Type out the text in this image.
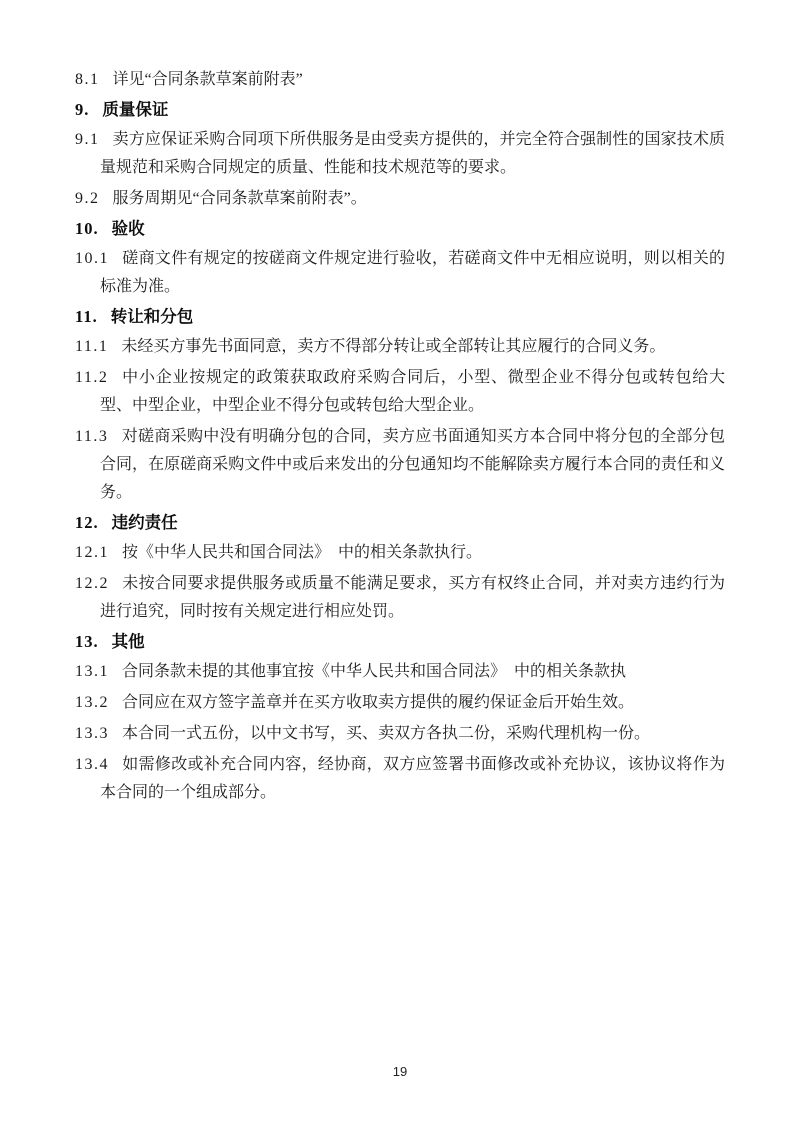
8.1 详见“合同条款草案前附表”
9. 质量保证
9.1 卖方应保证采购合同项下所供服务是由受卖方提供的，并完全符合强制性的国家技术质量规范和采购合同规定的质量、性能和技术规范等的要求。
9.2 服务周期见“合同条款草案前附表”。
10. 验收
10.1 磋商文件有规定的按磋商文件规定进行验收，若磋商文件中无相应说明，则以相关的标准为准。
11. 转让和分包
11.1 未经买方事先书面同意，卖方不得部分转让或全部转让其应履行的合同义务。
11.2 中小企业按规定的政策获取政府采购合同后，小型、微型企业不得分包或转包给大型、中型企业，中型企业不得分包或转包给大型企业。
11.3 对磋商采购中没有明确分包的合同，卖方应书面通知买方本合同中将分包的全部分包合同，在原磋商采购文件中或后来发出的分包通知均不能解除卖方履行本合同的责任和义务。
12. 违约责任
12.1 按《中华人民共和国合同法》　中的相关条款执行。
12.2 未按合同要求提供服务或质量不能满足要求，买方有权终止合同，并对卖方违约行为进行追究，同时按有关规定进行相应处罚。
13. 其他
13.1 合同条款未提的其他事宜按《中华人民共和国合同法》　中的相关条款执
13.2 合同应在双方签字盖章并在买方收取卖方提供的履约保证金后开始生效。
13.3 本合同一式五份，以中文书写，买、卖双方各执二份，采购代理机构一份。
13.4 如需修改或补充合同内容，经协商，双方应签署书面修改或补充协议，该协议将作为本合同的一个组成部分。
19
